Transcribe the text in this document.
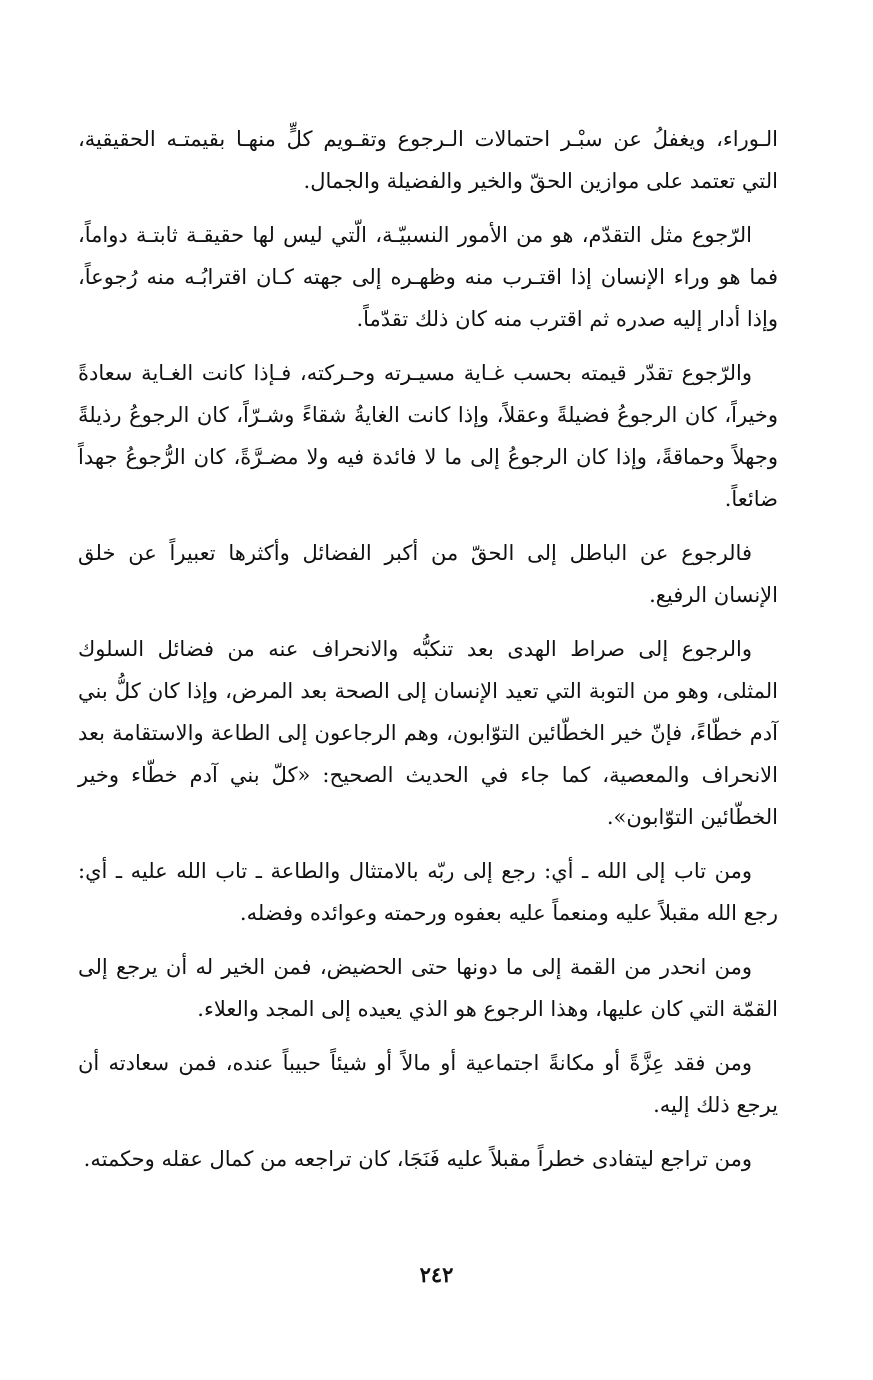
الـوراء، ويغفلُ عن سبْـر احتمالات الـرجوع وتقـويم كلٍّ منهـا بقيمتـه الحقيقية، التي تعتمد على موازين الحقّ والخير والفضيلة والجمال.

الرّجوع مثل التقدّم، هو من الأمور النسبيّـة، الّتي ليس لها حقيقـة ثابتـة دواماً، فما هو وراء الإنسان إذا اقتـرب منه وظهـره إلى جهته كـان اقترابُـه منه رُجوعاً، وإذا أدار إليه صدره ثم اقترب منه كان ذلك تقدّماً.

والرّجوع تقدّر قيمته بحسب غـاية مسيـرته وحـركته، فـإذا كانت الغـاية سعادةً وخيراً، كان الرجوعُ فضيلةً وعقلاً، وإذا كانت الغايةُ شقاءً وشـرّاً، كان الرجوعُ رذيلةً وجهلاً وحماقةً، وإذا كان الرجوعُ إلى ما لا فائدة فيه ولا مضـرَّةً، كان الرُّجوعُ جهداً ضائعاً.

فالرجوع عن الباطل إلى الحقّ من أكبر الفضائل وأكثرها تعبيراً عن خلق الإنسان الرفيع.

والرجوع إلى صراط الهدى بعد تنكبُّه والانحراف عنه من فضائل السلوك المثلى، وهو من التوبة التي تعيد الإنسان إلى الصحة بعد المرض، وإذا كان كلُّ بني آدم خطّاءً، فإنّ خير الخطّائين التوّابون، وهم الرجاعون إلى الطاعة والاستقامة بعد الانحراف والمعصية، كما جاء في الحديث الصحيح: «كلّ بني آدم خطّاء وخير الخطّائين التوّابون».

ومن تاب إلى الله ـ أي: رجع إلى ربّه بالامتثال والطاعة ـ تاب الله عليه ـ أي: رجع الله مقبلاً عليه ومنعماً عليه بعفوه ورحمته وعوائده وفضله.

ومن انحدر من القمة إلى ما دونها حتى الحضيض، فمن الخير له أن يرجع إلى القمّة التي كان عليها، وهذا الرجوع هو الذي يعيده إلى المجد والعلاء.

ومن فقد عِزَّةً أو مكانةً اجتماعية أو مالاً أو شيئاً حبيباً عنده، فمن سعادته أن يرجع ذلك إليه.

ومن تراجع ليتفادى خطراً مقبلاً عليه فَنَجَا، كان تراجعه من كمال عقله وحكمته.

٢٤٢
